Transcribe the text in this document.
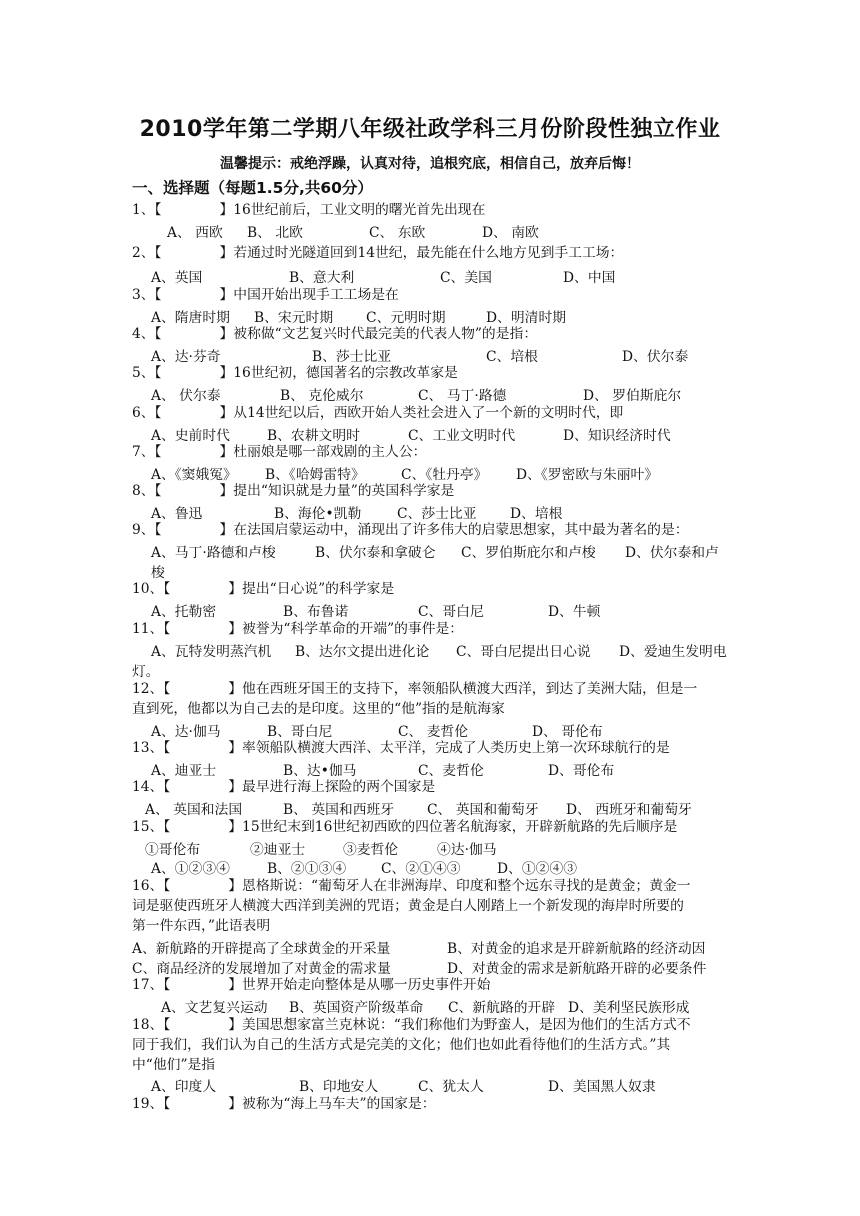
2010学年第二学期八年级社政学科三月份阶段性独立作业
温馨提示：戒绝浮躁，认真对待，追根究底，相信自己，放弃后悔！
一、选择题（每题1.5分,共60分）
1、【	】16世纪前后，工业文明的曙光首先出现在
A、 西欧 B、 北欧	C、 东欧	D、 南欧
2、【	】若通过时光隧道回到14世纪，最先能在什么地方见到手工工场：
A、英国	B、意大利	C、美国	D、中国
3、【	】中国开始出现手工工场是在
A、隋唐时期 B、宋元时期 C、元明时期	D、明清时期
4、【	】被称做“文艺复兴时代最完美的代表人物”的是指：
A、达·芬奇	B、莎士比亚	C、培根	D、伏尔泰
5、【	】16世纪初，德国著名的宗教改革家是
A、 伏尔泰	B、 克伦威尔	C、 马丁·路德	D、 罗伯斯庇尔
6、【	】从14世纪以后，西欧开始人类社会进入了一个新的文明时代，即
A、史前时代	B、农耕文明时	C、工业文明时代	D、知识经济时代
7、【	】杜丽娘是哪一部戏剧的主人公：
A、《窦娥冤》 B、《哈姆雷特》	C、《牡丹亭》 D、《罗密欧与朱丽叶》
8、【	】提出“知识就是力量”的英国科学家是
A、鲁迅	B、海伦•凯勒	C、莎士比亚 D、培根
9、【	】在法国启蒙运动中，涌现出了许多伟大的启蒙思想家，其中最为著名的是：
A、马丁·路德和卢梭	B、伏尔泰和拿破仑 C、罗伯斯庇尔和卢梭 D、伏尔泰和卢
梭
10、【	】提出“日心说”的科学家是
A、托勒密	B、布鲁诺	C、哥白尼	D、牛顿
11、【	】被誉为“科学革命的开端”的事件是：
A、瓦特发明蒸汽机 B、达尔文提出进化论 C、哥白尼提出日心说 D、爱迪生发明电
灯。
12、【	】他在西班牙国王的支持下，率领船队横渡大西洋，到达了美洲大陆，但是一
直到死，他都以为自己去的是印度。这里的“他”指的是航海家
A、达·伽马	B、哥白尼	C、 麦哲伦	D、 哥伦布
13、【	】率领船队横渡大西洋、太平洋，完成了人类历史上第一次环球航行的是
A、迪亚士	B、达•伽马	C、麦哲伦	D、哥伦布
14、【	】最早进行海上探险的两个国家是
A、 英国和法国	B、 英国和西班牙 C、 英国和葡萄牙 D、 西班牙和葡萄牙
15、【	】15世纪末到16世纪初西欧的四位著名航海家，开辟新航路的先后顺序是
①哥伦布	②迪亚士	③麦哲伦	④达·伽马
A、①②③④	B、②①③④	C、②①④③	D、①②④③
16、【	】恩格斯说：“葡萄牙人在非洲海岸、印度和整个远东寻找的是黄金；黄金一
词是驱使西班牙人横渡大西洋到美洲的咒语；黄金是白人刚踏上一个新发现的海岸时所要的
第一件东西，”此语表明
A、新航路的开辟提高了全球黄金的开采量	B、对黄金的追求是开辟新航路的经济动因
C、商品经济的发展增加了对黄金的需求量	D、对黄金的需求是新航路开辟的必要条件
17、【	】世界开始走向整体是从哪一历史事件开始
A、文艺复兴运动 B、英国资产阶级革命 C、新航路的开辟 D、美利坚民族形成
18、【	】美国思想家富兰克林说：“我们称他们为野蛮人，是因为他们的生活方式不
同于我们，我们认为自己的生活方式是完美的文化；他们也如此看待他们的生活方式。”其
中“他们”是指
A、印度人	B、印地安人	C、犹太人	D、美国黑人奴隶
19、【	】被称为“海上马车夫”的国家是：
